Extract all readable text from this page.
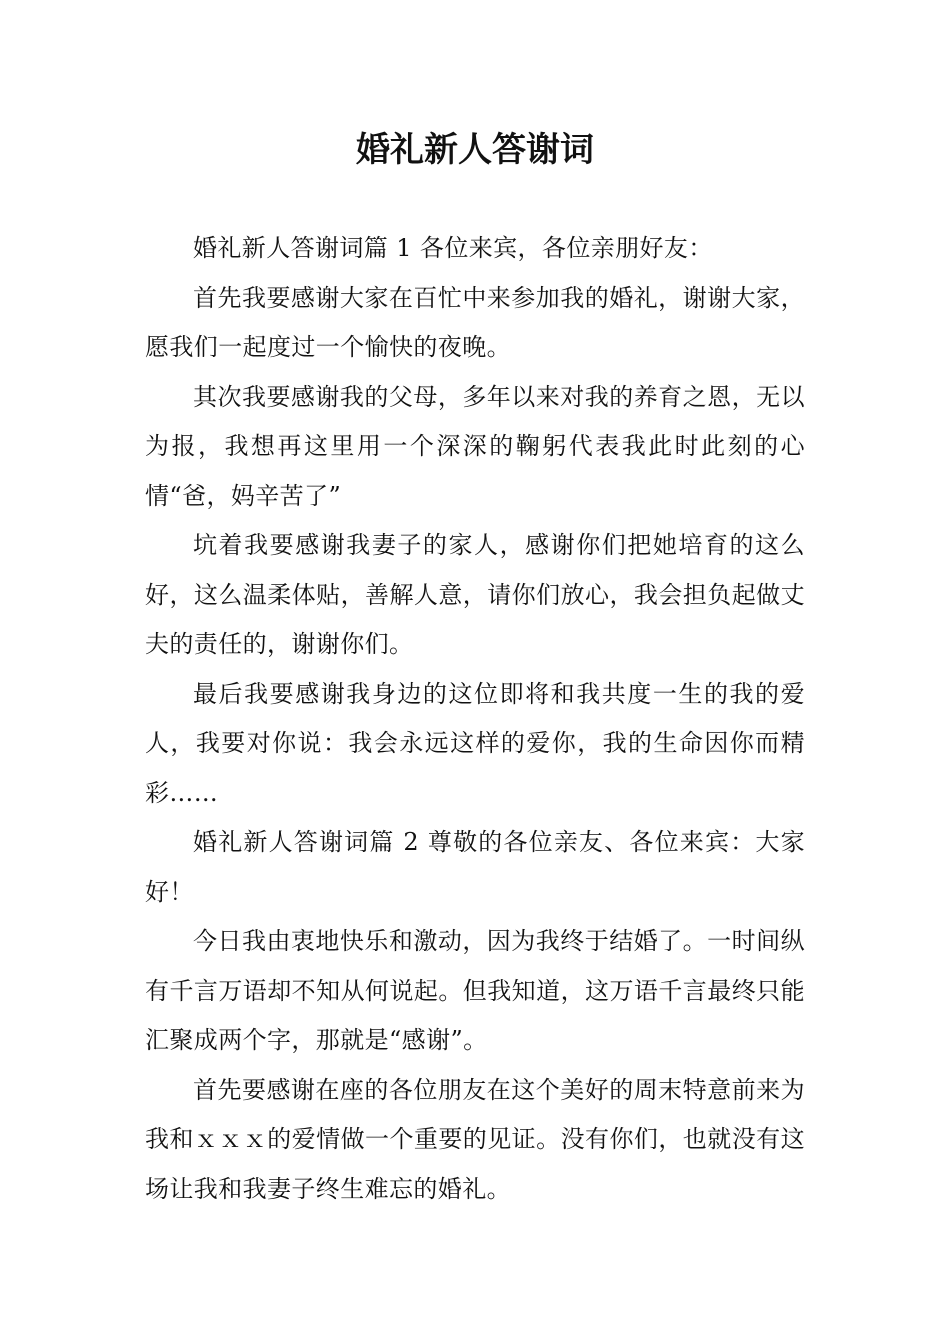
婚礼新人答谢词

婚礼新人答谢词篇 1 各位来宾，各位亲朋好友：

首先我要感谢大家在百忙中来参加我的婚礼，谢谢大家，愿我们一起度过一个愉快的夜晚。

其次我要感谢我的父母，多年以来对我的养育之恩，无以为报，我想再这里用一个深深的鞠躬代表我此时此刻的心情“爸，妈辛苦了”

坑着我要感谢我妻子的家人，感谢你们把她培育的这么好，这么温柔体贴，善解人意，请你们放心，我会担负起做丈夫的责任的，谢谢你们。

最后我要感谢我身边的这位即将和我共度一生的我的爱人，我要对你说：我会永远这样的爱你，我的生命因你而精彩……

婚礼新人答谢词篇 2 尊敬的各位亲友、各位来宾：大家好！

今日我由衷地快乐和激动，因为我终于结婚了。一时间纵有千言万语却不知从何说起。但我知道，这万语千言最终只能汇聚成两个字，那就是“感谢”。

首先要感谢在座的各位朋友在这个美好的周末特意前来为我和ｘｘｘ的爱情做一个重要的见证。没有你们，也就没有这场让我和我妻子终生难忘的婚礼。
